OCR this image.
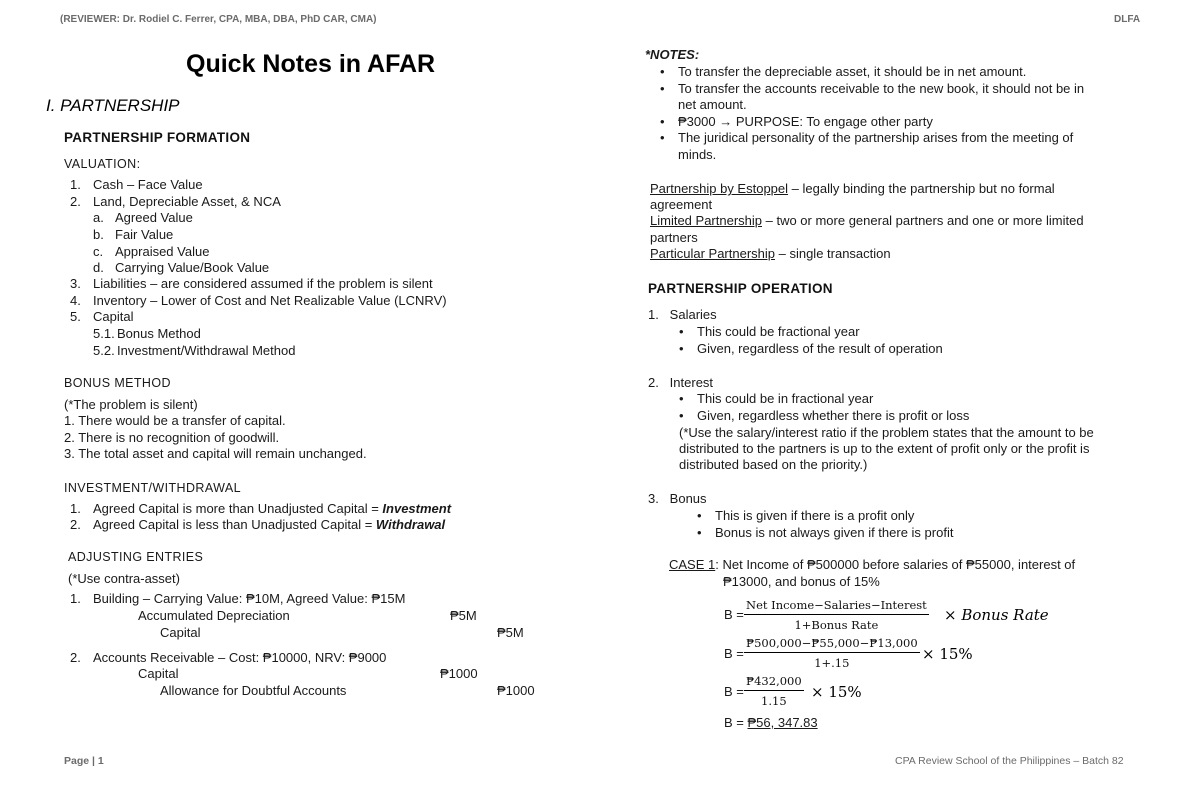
(REVIEWER: Dr. Rodiel C. Ferrer, CPA, MBA, DBA, PhD CAR, CMA)	DLFA
Quick Notes in AFAR
I. PARTNERSHIP
PARTNERSHIP FORMATION
VALUATION:
1. Cash – Face Value
2. Land, Depreciable Asset, & NCA
a. Agreed Value
b. Fair Value
c. Appraised Value
d. Carrying Value/Book Value
3. Liabilities – are considered assumed if the problem is silent
4. Inventory – Lower of Cost and Net Realizable Value (LCNRV)
5. Capital
5.1. Bonus Method
5.2. Investment/Withdrawal Method
BONUS METHOD
(*The problem is silent)
1. There would be a transfer of capital.
2. There is no recognition of goodwill.
3. The total asset and capital will remain unchanged.
INVESTMENT/WITHDRAWAL
1. Agreed Capital is more than Unadjusted Capital = Investment
2. Agreed Capital is less than Unadjusted Capital = Withdrawal
ADJUSTING ENTRIES
(*Use contra-asset)
1. Building – Carrying Value: ₱10M, Agreed Value: ₱15M
Accumulated Depreciation	₱5M
Capital	₱5M
2. Accounts Receivable – Cost: ₱10000, NRV: ₱9000
Capital	₱1000
Allowance for Doubtful Accounts	₱1000
*NOTES:
• To transfer the depreciable asset, it should be in net amount.
• To transfer the accounts receivable to the new book, it should not be in
net amount.
• ₱3000 → PURPOSE: To engage other party
• The juridical personality of the partnership arises from the meeting of
minds.
Partnership by Estoppel – legally binding the partnership but no formal
agreement
Limited Partnership – two or more general partners and one or more limited
partners
Particular Partnership – single transaction
PARTNERSHIP OPERATION
1.   Salaries
• This could be fractional year
• Given, regardless of the result of operation
2.   Interest
• This could be in fractional year
• Given, regardless whether there is profit or loss
(*Use the salary/interest ratio if the problem states that the amount to be
distributed to the partners is up to the extent of profit only or the profit is
distributed based on the priority.)
3.   Bonus
• This is given if there is a profit only
• Bonus is not always given if there is profit
CASE 1: Net Income of ₱500000 before salaries of ₱55000, interest of
₱13000, and bonus of 15%
B =
Net Income−Salaries−Interest
1+Bonus Rate
× Bonus Rate
$B = \frac{₱500,000-₱55,000-₱13,000}{1+.15} \times 15\%$
$B = \frac{₱432,000}{1.15} \times 15\%$
B = ₱56, 347.83
Page | 1	CPA Review School of the Philippines – Batch 82
